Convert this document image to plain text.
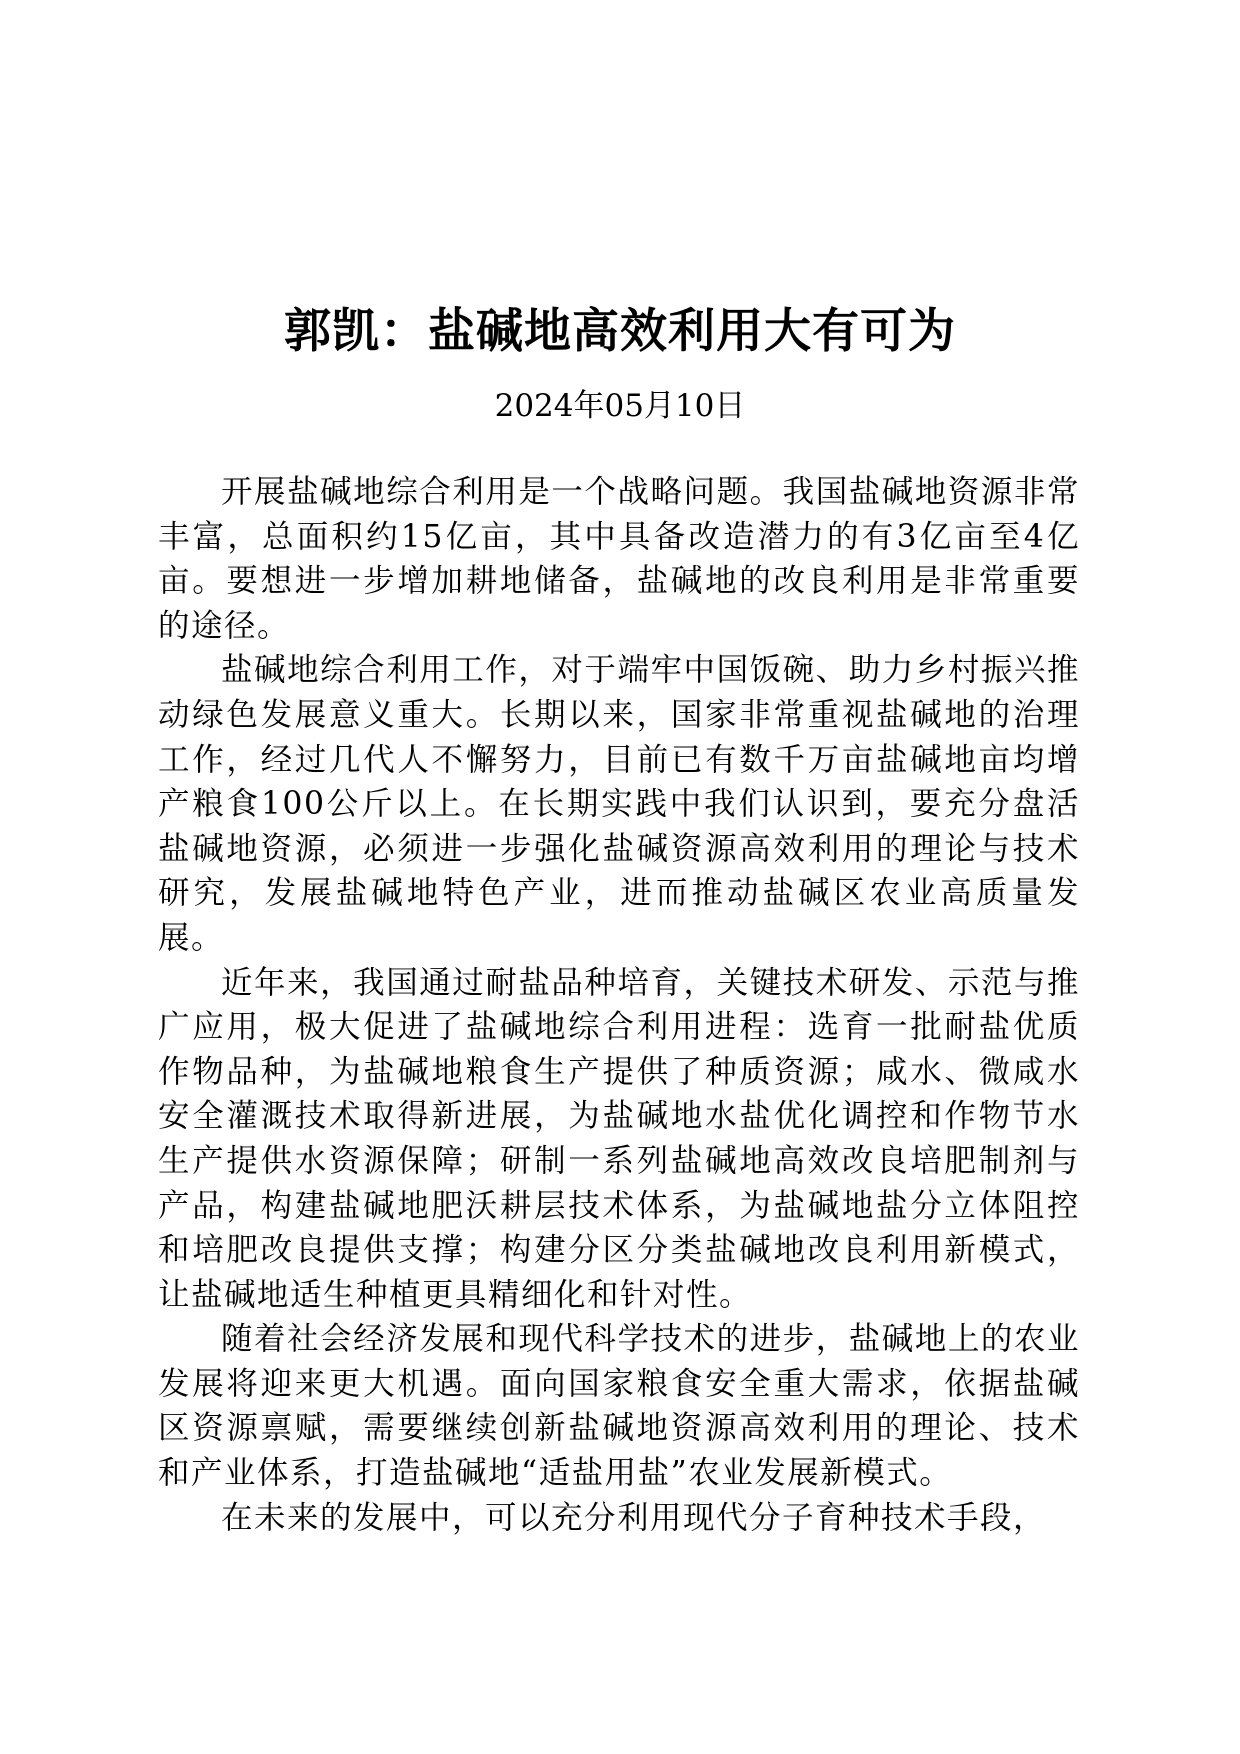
郭凯：盐碱地高效利用大有可为
2024年05月10日

开展盐碱地综合利用是一个战略问题。我国盐碱地资源非常丰富，总面积约15亿亩，其中具备改造潜力的有3亿亩至4亿亩。要想进一步增加耕地储备，盐碱地的改良利用是非常重要的途径。

盐碱地综合利用工作，对于端牢中国饭碗、助力乡村振兴推动绿色发展意义重大。长期以来，国家非常重视盐碱地的治理工作，经过几代人不懈努力，目前已有数千万亩盐碱地亩均增产粮食100公斤以上。在长期实践中我们认识到，要充分盘活盐碱地资源，必须进一步强化盐碱资源高效利用的理论与技术研究，发展盐碱地特色产业，进而推动盐碱区农业高质量发展。

近年来，我国通过耐盐品种培育，关键技术研发、示范与推广应用，极大促进了盐碱地综合利用进程：选育一批耐盐优质作物品种，为盐碱地粮食生产提供了种质资源；咸水、微咸水安全灌溉技术取得新进展，为盐碱地水盐优化调控和作物节水生产提供水资源保障；研制一系列盐碱地高效改良培肥制剂与产品，构建盐碱地肥沃耕层技术体系，为盐碱地盐分立体阻控和培肥改良提供支撑；构建分区分类盐碱地改良利用新模式，让盐碱地适生种植更具精细化和针对性。

随着社会经济发展和现代科学技术的进步，盐碱地上的农业发展将迎来更大机遇。面向国家粮食安全重大需求，依据盐碱区资源禀赋，需要继续创新盐碱地资源高效利用的理论、技术和产业体系，打造盐碱地“适盐用盐”农业发展新模式。

在未来的发展中，可以充分利用现代分子育种技术手段，
